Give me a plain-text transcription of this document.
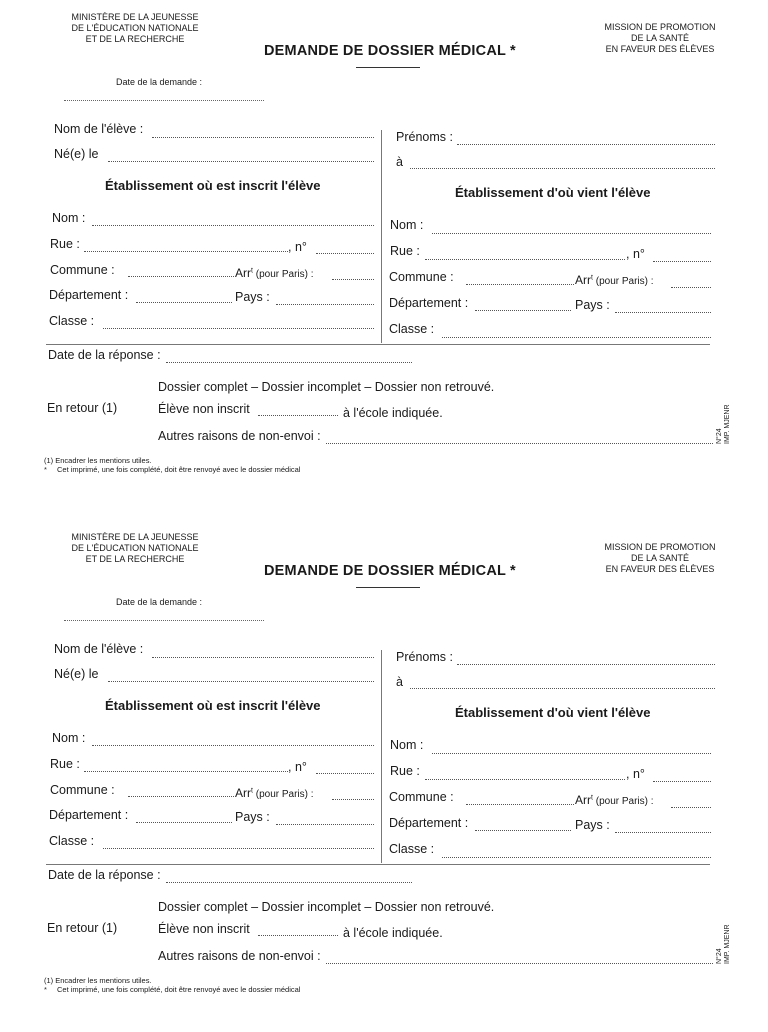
MINISTÈRE DE LA JEUNESSE
DE L'ÉDUCATION NATIONALE
ET DE LA RECHERCHE
DEMANDE DE DOSSIER MÉDICAL *
MISSION DE PROMOTION
DE LA SANTÉ
EN FAVEUR DES ÉLÈVES
Date de la demande :
Nom de l'élève :
Prénoms :
Né(e) le
à
Établissement où est inscrit l'élève	Établissement d'où vient l'élève
Nom :
Rue :	, n°
Commune :	Arr$^t$ (pour Paris) :
Département :	Pays :
Classe :
Nom :
Rue :	, n°
Commune :	Arr$^t$ (pour Paris) :
Département :	Pays :
Classe :
Date de la réponse :
Dossier complet – Dossier incomplet – Dossier non retrouvé.
En retour (1)	Élève non inscrit	à l'école indiquée.
Autres raisons de non-envoi :
(1) Encadrer les mentions utiles.
* Cet imprimé, une fois complété, doit être renvoyé avec le dossier médical
N°24 IMP. MJENR
MINISTÈRE DE LA JEUNESSE
DE L'ÉDUCATION NATIONALE
ET DE LA RECHERCHE
DEMANDE DE DOSSIER MÉDICAL *
MISSION DE PROMOTION
DE LA SANTÉ
EN FAVEUR DES ÉLÈVES
Date de la demande :
Nom de l'élève :
Prénoms :
Né(e) le
à
Établissement où est inscrit l'élève	Établissement d'où vient l'élève
Nom :
Rue :	, n°
Commune :	Arr$^t$ (pour Paris) :
Département :	Pays :
Classe :
Nom :
Rue :	, n°
Commune :	Arr$^t$ (pour Paris) :
Département :	Pays :
Classe :
Date de la réponse :
Dossier complet – Dossier incomplet – Dossier non retrouvé.
En retour (1)	Élève non inscrit	à l'école indiquée.
Autres raisons de non-envoi :
(1) Encadrer les mentions utiles.
* Cet imprimé, une fois complété, doit être renvoyé avec le dossier médical
N°24 IMP. MJENR
